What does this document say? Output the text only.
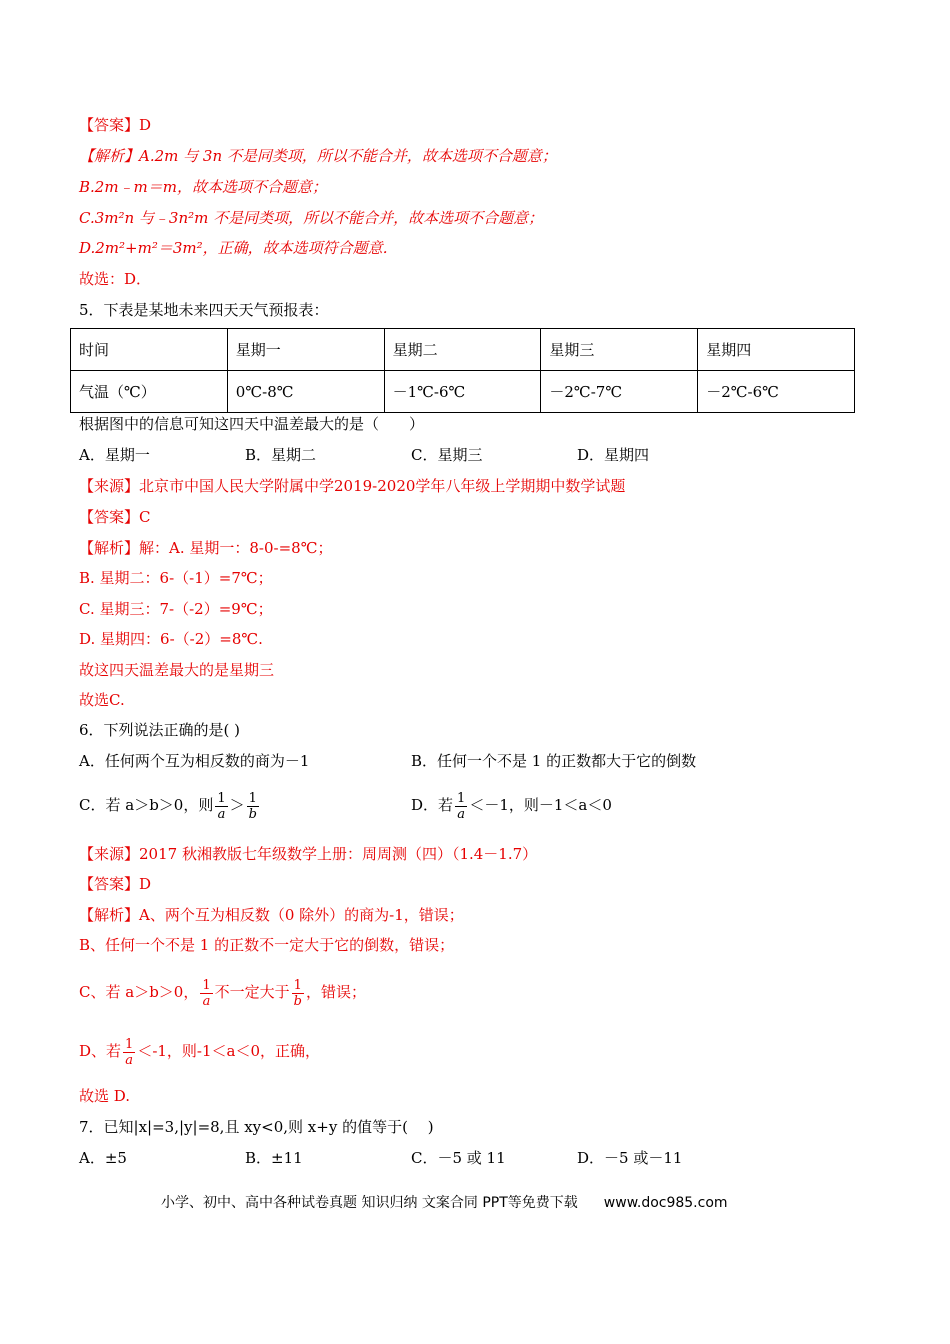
【答案】D
【解析】A.2m 与 3n 不是同类项，所以不能合并，故本选项不合题意；
B.2m﹣m＝m，故本选项不合题意；
C.3m²n 与﹣3n²m 不是同类项，所以不能合并，故本选项不合题意；
D.2m²+m²＝3m²，正确，故本选项符合题意．
故选：D．
5．下表是某地未来四天天气预报表：
时间	星期一	星期二	星期三	星期四
气温（℃）	0℃-8℃	－1℃-6℃	－2℃-7℃	－2℃-6℃
根据图中的信息可知这四天中温差最大的是（　　）
A．星期一	B．星期二	C．星期三	D．星期四
【来源】北京市中国人民大学附属中学2019-2020学年八年级上学期期中数学试题
【答案】C
【解析】解：A. 星期一：8-0-=8℃；
B. 星期二：6-（-1）=7℃；
C. 星期三：7-（-2）=9℃；
D. 星期四：6-（-2）=8℃.
故这四天温差最大的是星期三
故选C.
6．下列说法正确的是( )
A．任何两个互为相反数的商为－1	B．任何一个不是 1 的正数都大于它的倒数
C．若 a＞b＞0，则 $\frac{1}{a} > \frac{1}{b}$	D．若 $\frac{1}{a} <-1$，则－1＜a＜0
【来源】2017 秋湘教版七年级数学上册：周周测（四）（1.4－1.7）
【答案】D
【解析】A、两个互为相反数（0 除外）的商为-1，错误；
B、任何一个不是 1 的正数不一定大于它的倒数，错误；
C、若 a＞b＞0， $\frac{1}{a}$ 不一定大于 $\frac{1}{b}$ ，错误；
D、若 $\frac{1}{a} <-1$，则-1＜a＜0，正确，
故选 D.
7．已知|x|=3,|y|=8,且 xy<0,则 x+y 的值等于(　 )
A．±5	B．±11	C．－5 或 11	D．－5 或－11
小学、初中、高中各种试卷真题 知识归纳 文案合同 PPT等免费下载 www.doc985.com
